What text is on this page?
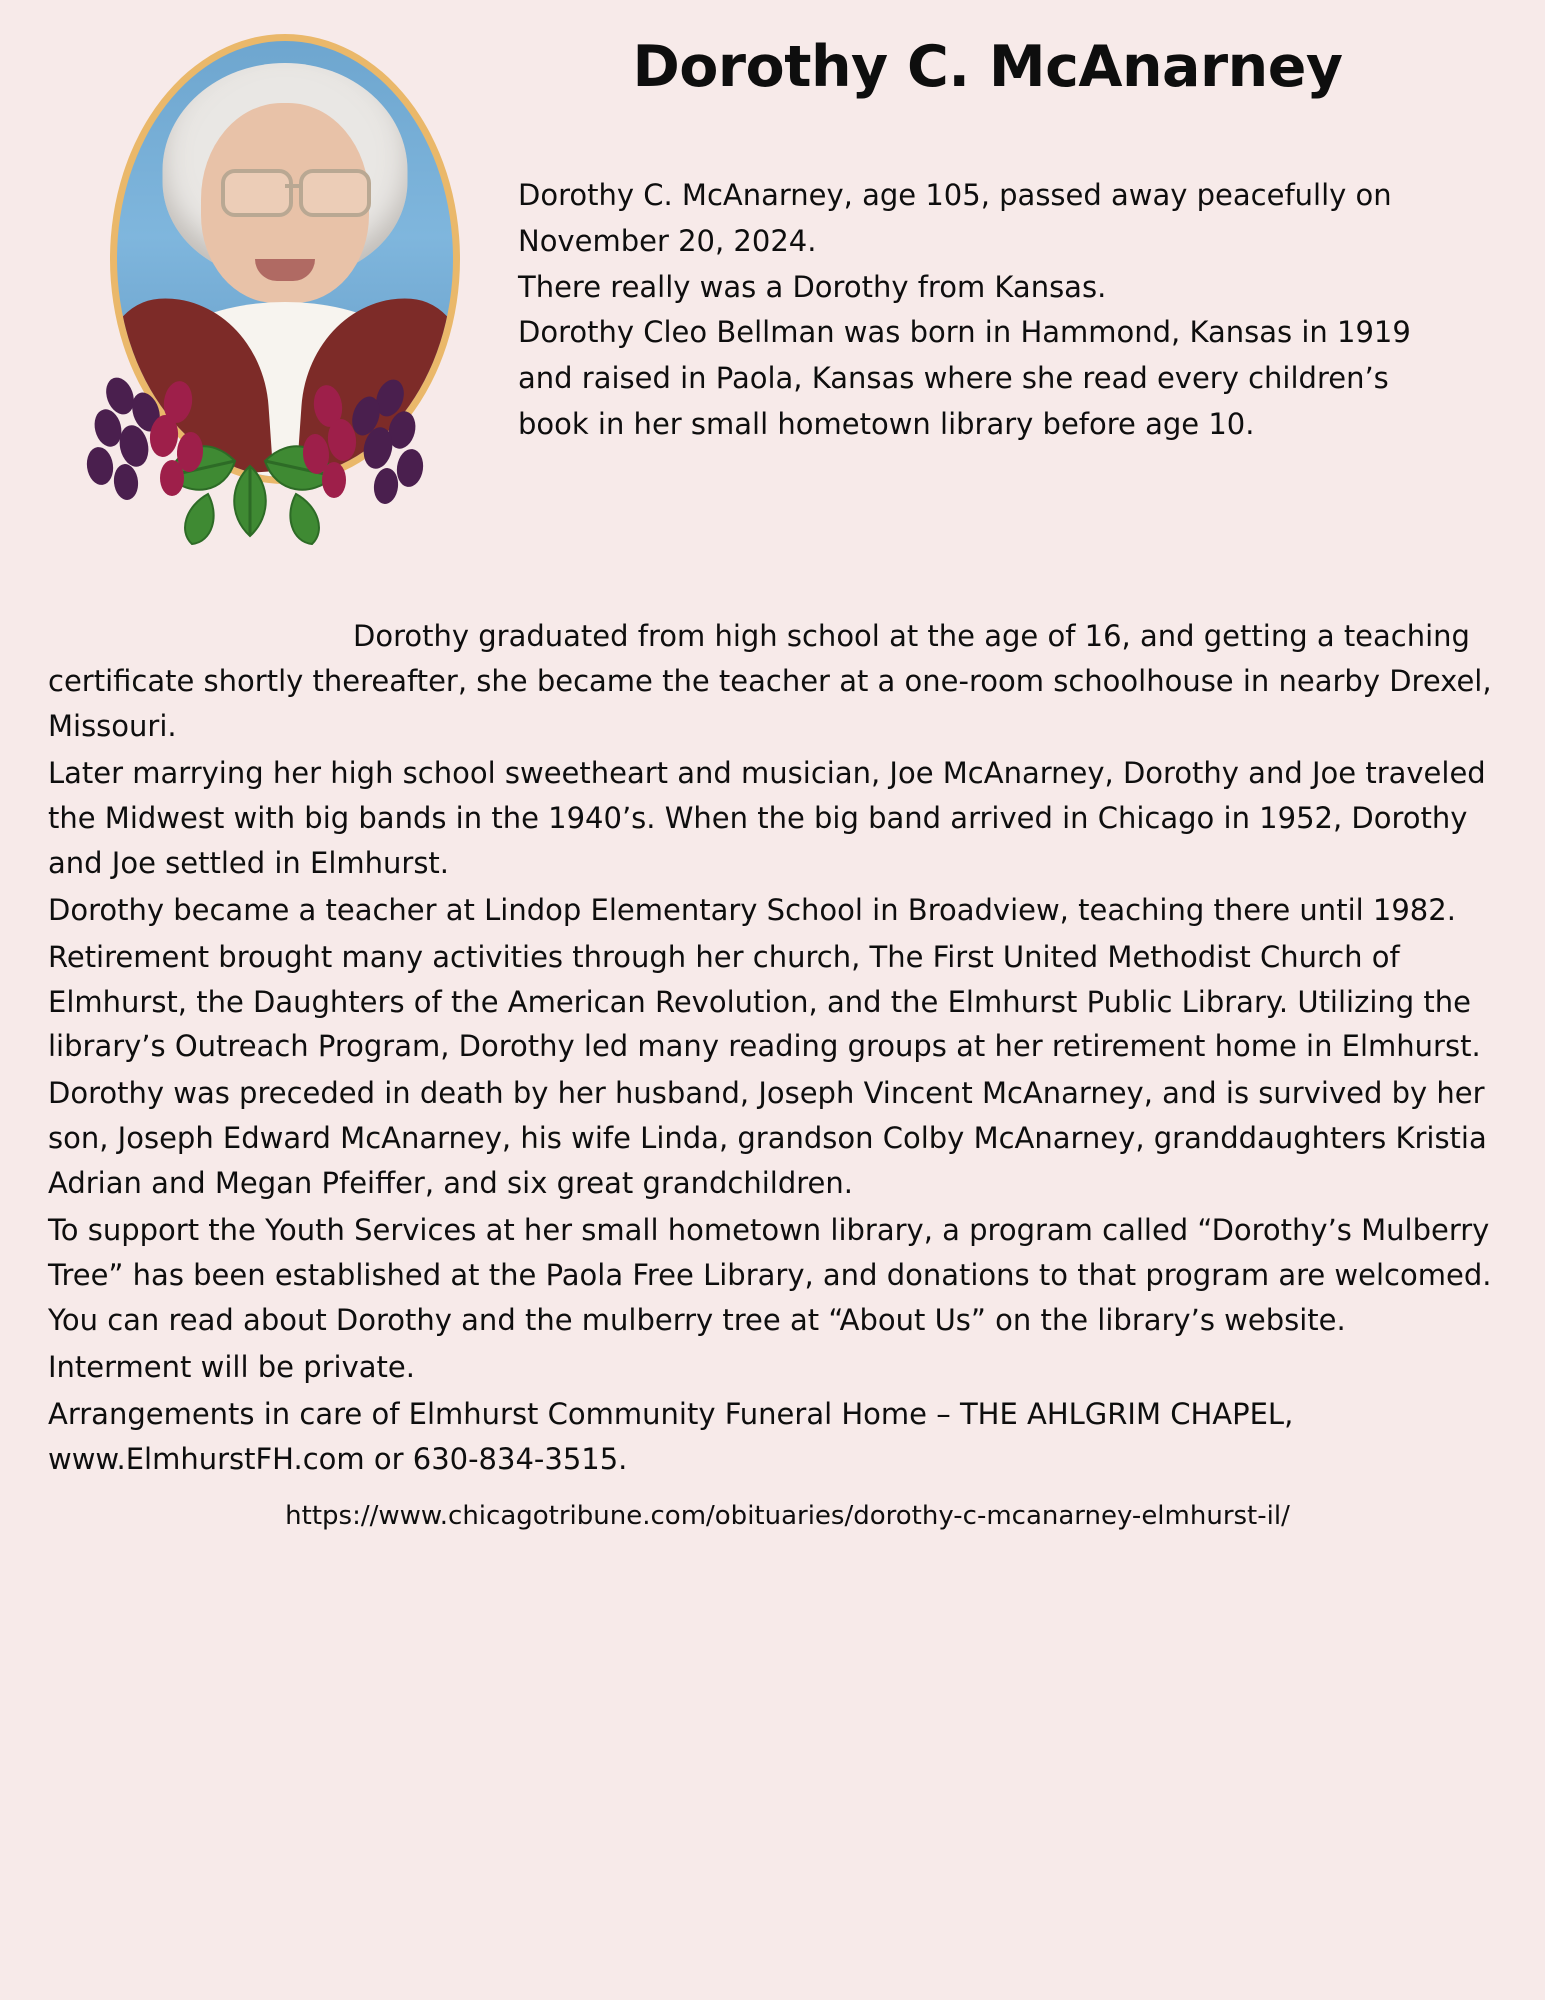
Dorothy C. McAnarney

Dorothy C. McAnarney, age 105, passed away peacefully on November 20, 2024.

There really was a Dorothy from Kansas.

Dorothy Cleo Bellman was born in Hammond, Kansas in 1919 and raised in Paola, Kansas where she read every children’s book in her small hometown library before age 10.

Dorothy graduated from high school at the age of 16, and getting a teaching certificate shortly thereafter, she became the teacher at a one-room schoolhouse in nearby Drexel, Missouri.

Later marrying her high school sweetheart and musician, Joe McAnarney, Dorothy and Joe traveled the Midwest with big bands in the 1940’s. When the big band arrived in Chicago in 1952, Dorothy and Joe settled in Elmhurst.

Dorothy became a teacher at Lindop Elementary School in Broadview, teaching there until 1982.

Retirement brought many activities through her church, The First United Methodist Church of Elmhurst, the Daughters of the American Revolution, and the Elmhurst Public Library. Utilizing the library’s Outreach Program, Dorothy led many reading groups at her retirement home in Elmhurst.

Dorothy was preceded in death by her husband, Joseph Vincent McAnarney, and is survived by her son, Joseph Edward McAnarney, his wife Linda, grandson Colby McAnarney, granddaughters Kristia Adrian and Megan Pfeiffer, and six great grandchildren.

To support the Youth Services at her small hometown library, a program called “Dorothy’s Mulberry Tree” has been established at the Paola Free Library, and donations to that program are welcomed. You can read about Dorothy and the mulberry tree at “About Us” on the library’s website.

Interment will be private.

Arrangements in care of Elmhurst Community Funeral Home – THE AHLGRIM CHAPEL, www.ElmhurstFH.com or 630-834-3515.

https://www.chicagotribune.com/obituaries/dorothy-c-mcanarney-elmhurst-il/
